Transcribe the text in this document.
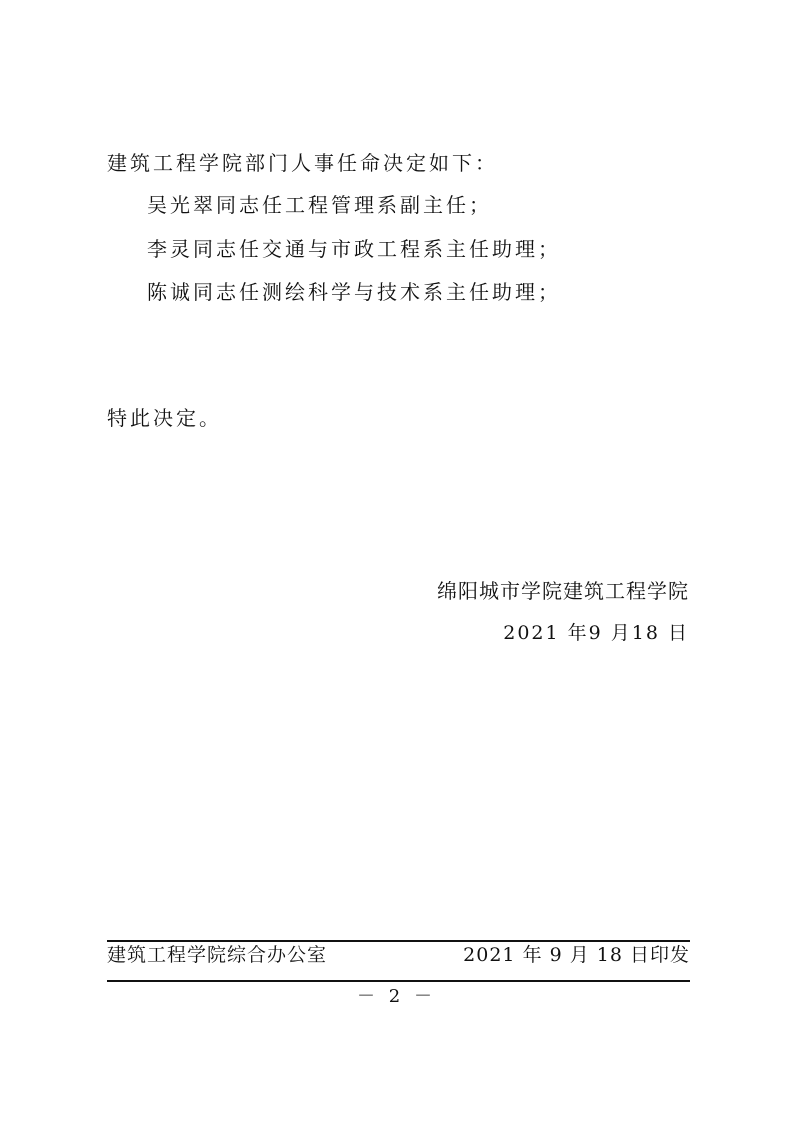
建筑工程学院部门人事任命决定如下：
吴光翠同志任工程管理系副主任；
李灵同志任交通与市政工程系主任助理；
陈诚同志任测绘科学与技术系主任助理；
特此决定。
绵阳城市学院建筑工程学院
2021 年9 月18 日
建筑工程学院综合办公室	2021 年 9 月 18 日印发
－ 2 －
